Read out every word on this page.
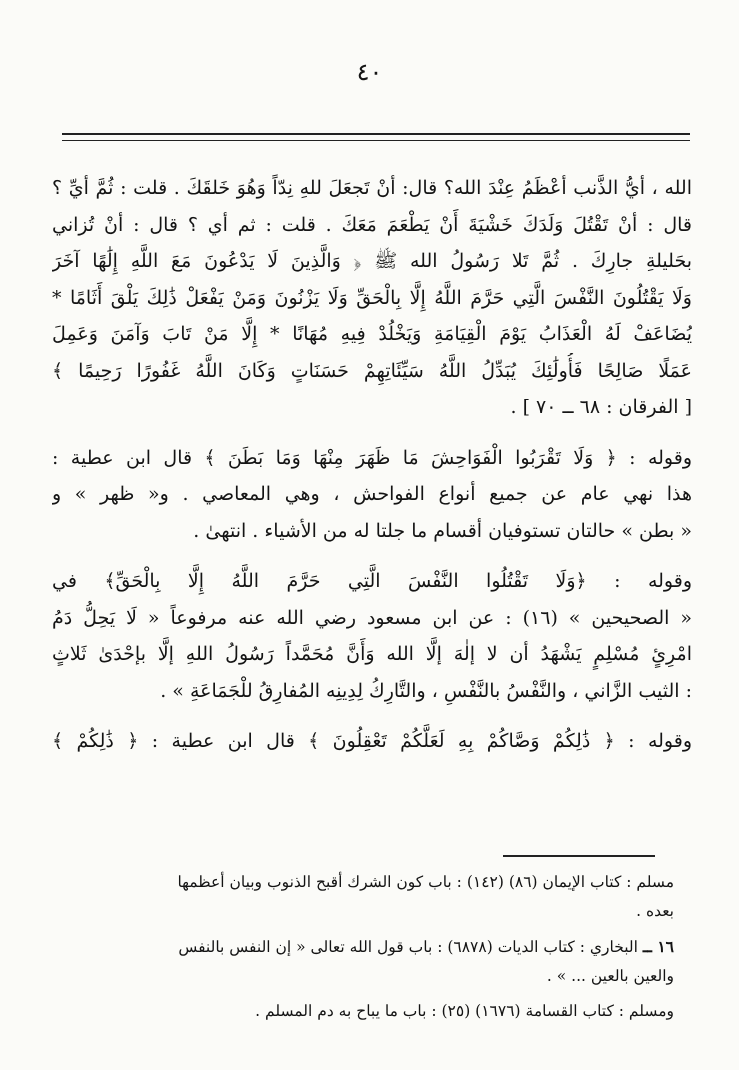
٤٠
الله ، أيُّ الذَّنب أعْظَمُ عِنْدَ الله؟ قال: أنْ تَجعَلَ للهِ نِدّاً وَهُوَ خَلقَكَ . قلت : ثُمَّ أيِّ ؟
قال : أنْ تَقْتُلَ وَلَدَكَ خَشْيَةَ أَنْ يَطْعَمَ مَعَكَ . قلت : ثم أي ؟ قال : أنْ تُزاني
بحَليلةِ جارِكَ . ثُمَّ تَلا رَسُولُ الله ﷺ ﴿ وَالَّذِينَ لَا يَدْعُونَ مَعَ اللَّهِ إِلَٰهًا آخَرَ
وَلَا يَقْتُلُونَ النَّفْسَ الَّتِي حَرَّمَ اللَّهُ إِلَّا بِالْحَقِّ وَلَا يَزْنُونَ وَمَنْ يَفْعَلْ ذَٰلِكَ يَلْقَ أَثَامًا *
يُضَاعَفْ لَهُ الْعَذَابُ يَوْمَ الْقِيَامَةِ وَيَخْلُدْ فِيهِ مُهَانًا * إِلَّا مَنْ تَابَ وَآمَنَ وَعَمِلَ
عَمَلًا صَالِحًا فَأُولَٰئِكَ يُبَدِّلُ اللَّهُ سَيِّئَاتِهِمْ حَسَنَاتٍ وَكَانَ اللَّهُ غَفُورًا رَحِيمًا ﴾
[ الفرقان : ٦٨ ــ ٧٠ ] .
وقوله : ﴿ وَلَا تَقْرَبُوا الْفَوَاحِشَ مَا ظَهَرَ مِنْهَا وَمَا بَطَنَ ﴾ قال ابن عطية :
هذا نهي عام عن جميع أنواع الفواحش ، وهي المعاصي . و« ظهر » و
« بطن » حالتان تستوفيان أقسام ما جلتا له من الأشياء . انتهىٰ .
وقوله : ﴿وَلَا تَقْتُلُوا النَّفْسَ الَّتِي حَرَّمَ اللَّهُ إِلَّا بِالْحَقِّ﴾ في
« الصحيحين » (١٦) : عن ابن مسعود رضي الله عنه مرفوعاً « لَا يَحِلُّ دَمُ
امْرِئٍ مُسْلِمٍ يَشْهَدُ أن لا إلٰهَ إلَّا الله وَأَنَّ مُحَمَّداً رَسُولُ اللهِ إلَّا بإحْدَىٰ ثَلاثٍ
: الثيب الزَّاني ، والنَّفْسُ بالنَّفْسِ ، والتَّارِكُ لِدِينِه المُفارِقُ للْجَمَاعَةِ » .
وقوله : ﴿ ذَٰلِكُمْ وَصَّاكُمْ بِهِ لَعَلَّكُمْ تَعْقِلُونَ ﴾ قال ابن عطية : ﴿ ذَٰلِكُمْ ﴾
مسلم : كتاب الإيمان (٨٦) (١٤٢) : باب كون الشرك أقبح الذنوب وبيان أعظمها
بعده .
١٦ ــ البخاري : كتاب الديات (٦٨٧٨) : باب قول الله تعالى « إن النفس بالنفس
والعين بالعين ... » .
ومسلم : كتاب القسامة (١٦٧٦) (٢٥) : باب ما يباح به دم المسلم .
